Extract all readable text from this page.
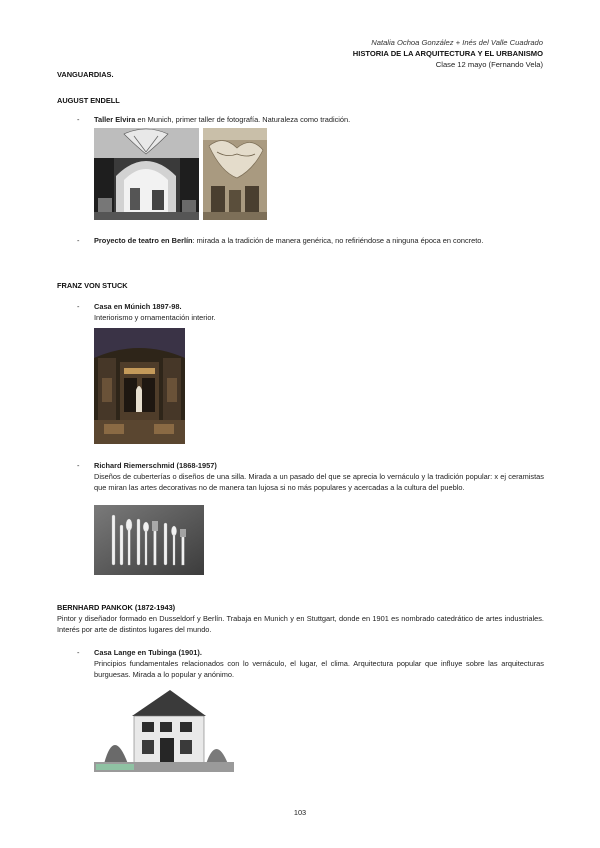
Natalia Ochoa González + Inés del Valle Cuadrado
HISTORIA DE LA ARQUITECTURA Y EL URBANISMO
Clase 12 mayo (Fernando Vela)
VANGUARDIAS.
AUGUST ENDELL
- Taller Elvira en Munich, primer taller de fotografía. Naturaleza como tradición.
- Proyecto de teatro en Berlín: mirada a la tradición de manera genérica, no refiriéndose a ninguna época en concreto.
FRANZ VON STUCK
- Casa en Múnich 1897-98.
Interiorismo y ornamentación interior.
- Richard Riemerschmid (1868-1957)
Diseños de cuberterías o diseños de una silla. Mirada a un pasado del que se aprecia lo vernáculo y la tradición popular: x ej ceramistas que miran las artes decorativas no de manera tan lujosa si no más populares y acercadas a la cultura del pueblo.
BERNHARD PANKOK (1872-1943)
Pintor y diseñador formado en Dusseldorf y Berlín. Trabaja en Munich y en Stuttgart, donde en 1901 es nombrado catedrático de artes industriales. Interés por arte de distintos lugares del mundo.
- Casa Lange en Tubinga (1901).
Principios fundamentales relacionados con lo vernáculo, el lugar, el clima. Arquitectura popular que influye sobre las arquitecturas burguesas. Mirada a lo popular y anónimo.
103
